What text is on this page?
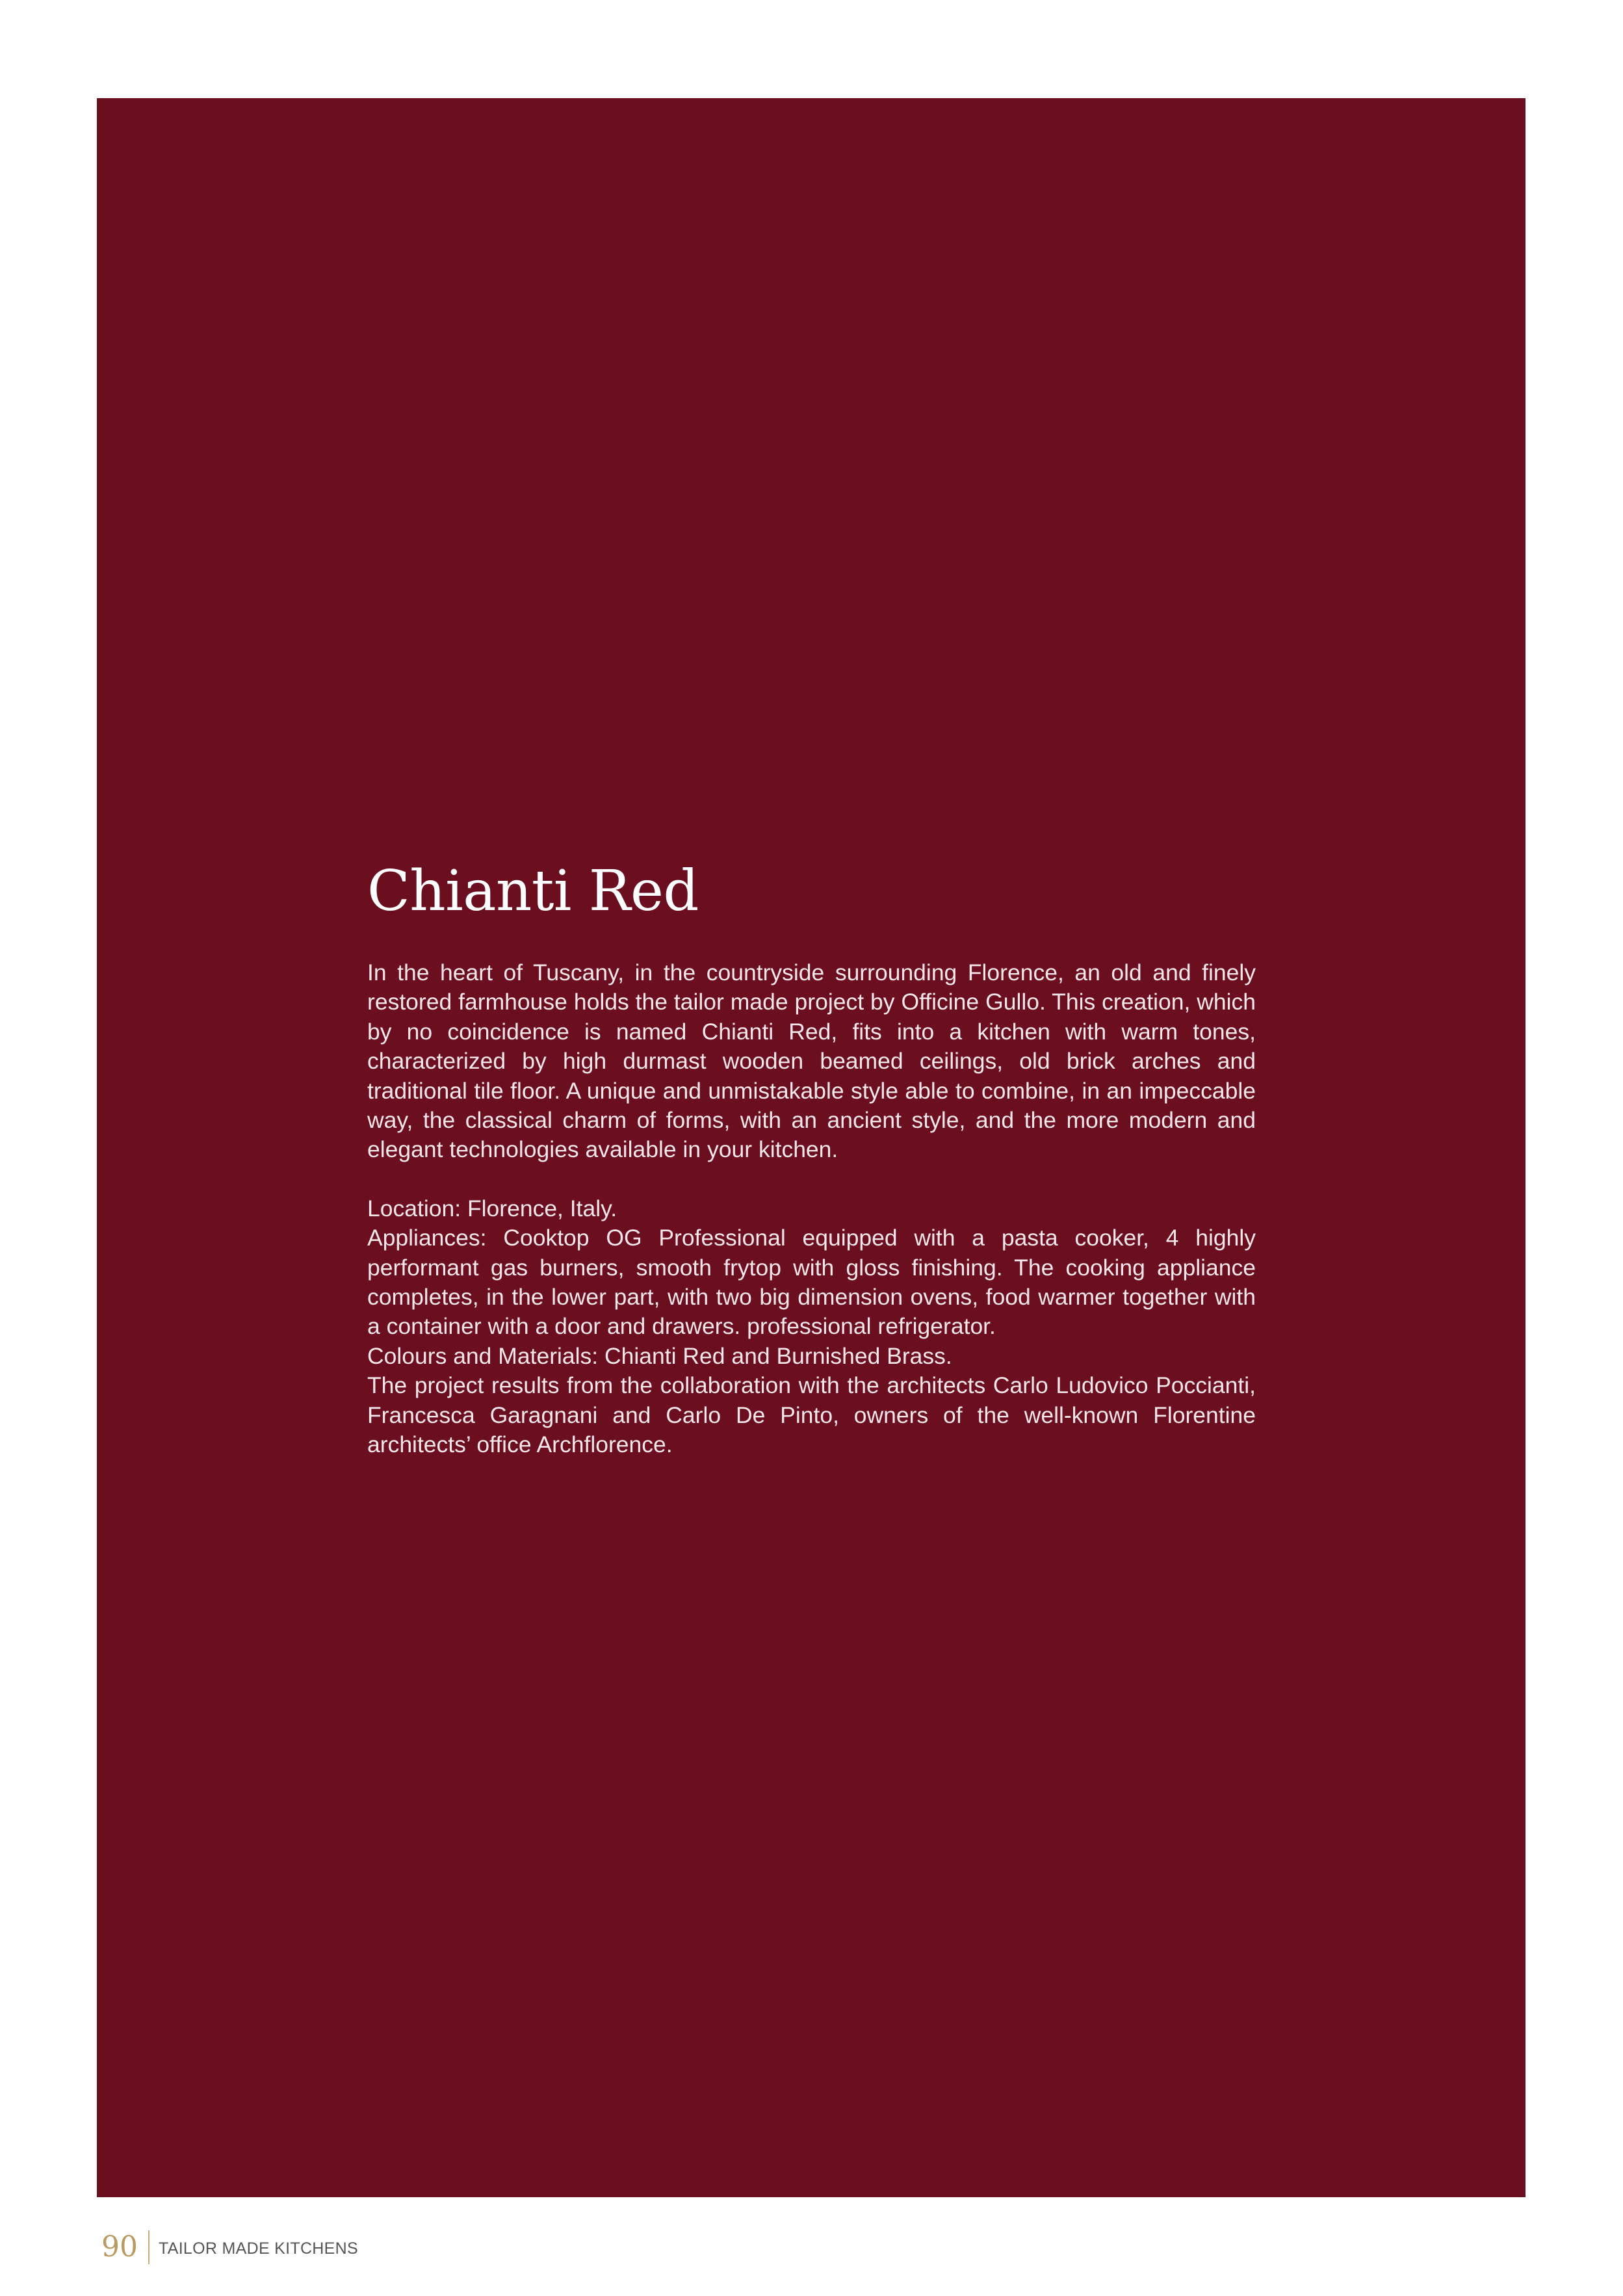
Chianti Red

In the heart of Tuscany, in the countryside surrounding Florence, an old and finely restored farmhouse holds the tailor made project by Officine Gullo. This creation, which by no coincidence is named Chianti Red, fits into a kitchen with warm tones, characterized by high durmast wooden beamed ceilings, old brick arches and traditional tile floor. A unique and unmistakable style able to combine, in an impeccable way, the classical charm of forms, with an ancient style, and the more modern and elegant technologies available in your kitchen.

Location: Florence, Italy.

Appliances: Cooktop OG Professional equipped with a pasta cooker, 4 highly performant gas burners, smooth frytop with gloss finishing. The cooking appliance completes, in the lower part, with two big dimension ovens, food warmer together with a container with a door and drawers. professional refrigerator.

Colours and Materials: Chianti Red and Burnished Brass.

The project results from the collaboration with the architects Carlo Ludovico Poccianti, Francesca Garagnani and Carlo De Pinto, owners of the well-known Florentine architects’ office Archflorence.

90 TAILOR MADE KITCHENS
